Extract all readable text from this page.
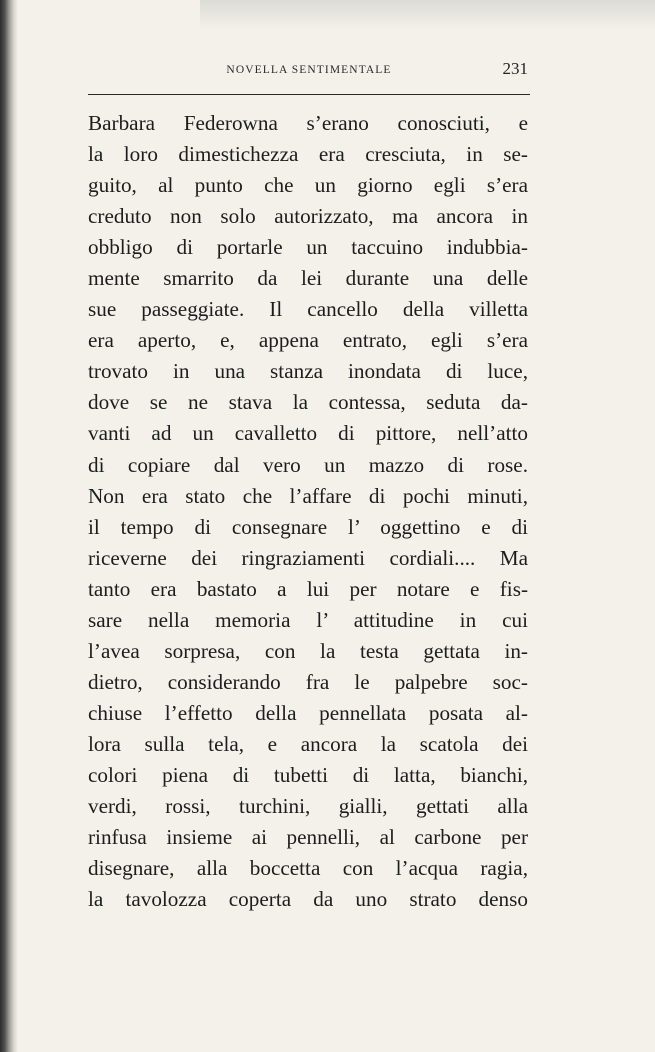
NOVELLA SENTIMENTALE	231
Barbara Federowna s’erano conosciuti, e
la loro dimestichezza era cresciuta, in se-
guito, al punto che un giorno egli s’era
creduto non solo autorizzato, ma ancora in
obbligo di portarle un taccuino indubbia-
mente smarrito da lei durante una delle
sue passeggiate. Il cancello della villetta
era aperto, e, appena entrato, egli s’era
trovato in una stanza inondata di luce,
dove se ne stava la contessa, seduta da-
vanti ad un cavalletto di pittore, nell’atto
di copiare dal vero un mazzo di rose.
Non era stato che l’affare di pochi minuti,
il tempo di consegnare l’ oggettino e di
riceverne dei ringraziamenti cordiali.... Ma
tanto era bastato a lui per notare e fis-
sare nella memoria l’ attitudine in cui
l’avea sorpresa, con la testa gettata in-
dietro, considerando fra le palpebre soc-
chiuse l’effetto della pennellata posata al-
lora sulla tela, e ancora la scatola dei
colori piena di tubetti di latta, bianchi,
verdi, rossi, turchini, gialli, gettati alla
rinfusa insieme ai pennelli, al carbone per
disegnare, alla boccetta con l’acqua ragia,
la tavolozza coperta da uno strato denso
